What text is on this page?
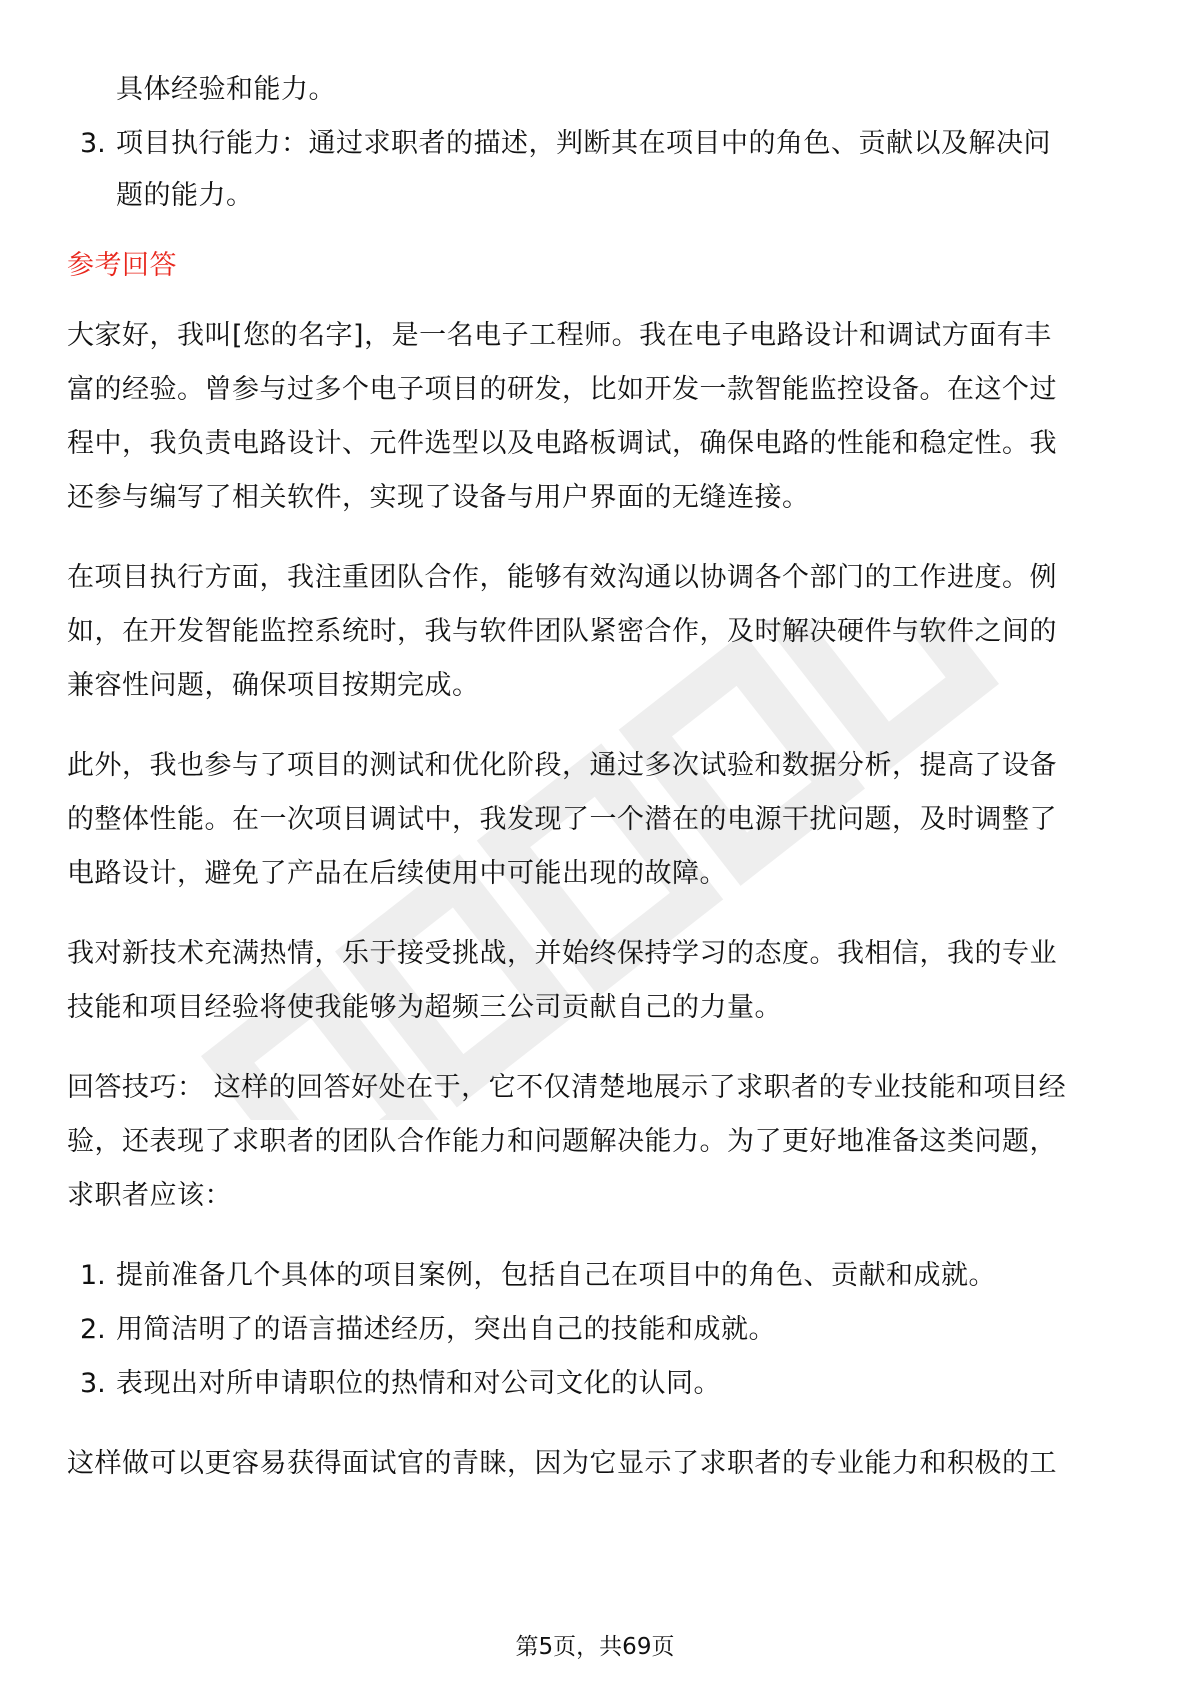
具体经验和能力。
3. 项目执行能力：通过求职者的描述，判断其在项目中的角色、贡献以及解决问
题的能力。
参考回答
大家好，我叫[您的名字]，是一名电子工程师。我在电子电路设计和调试方面有丰
富的经验。曾参与过多个电子项目的研发，比如开发一款智能监控设备。在这个过
程中，我负责电路设计、元件选型以及电路板调试，确保电路的性能和稳定性。我
还参与编写了相关软件，实现了设备与用户界面的无缝连接。
在项目执行方面，我注重团队合作，能够有效沟通以协调各个部门的工作进度。例
如，在开发智能监控系统时，我与软件团队紧密合作，及时解决硬件与软件之间的
兼容性问题，确保项目按期完成。
此外，我也参与了项目的测试和优化阶段，通过多次试验和数据分析，提高了设备
的整体性能。在一次项目调试中，我发现了一个潜在的电源干扰问题，及时调整了
电路设计，避免了产品在后续使用中可能出现的故障。
我对新技术充满热情，乐于接受挑战，并始终保持学习的态度。我相信，我的专业
技能和项目经验将使我能够为超频三公司贡献自己的力量。
回答技巧： 这样的回答好处在于，它不仅清楚地展示了求职者的专业技能和项目经
验，还表现了求职者的团队合作能力和问题解决能力。为了更好地准备这类问题，
求职者应该：
1. 提前准备几个具体的项目案例，包括自己在项目中的角色、贡献和成就。
2. 用简洁明了的语言描述经历，突出自己的技能和成就。
3. 表现出对所申请职位的热情和对公司文化的认同。
这样做可以更容易获得面试官的青睐，因为它显示了求职者的专业能力和积极的工
第5页，共69页
